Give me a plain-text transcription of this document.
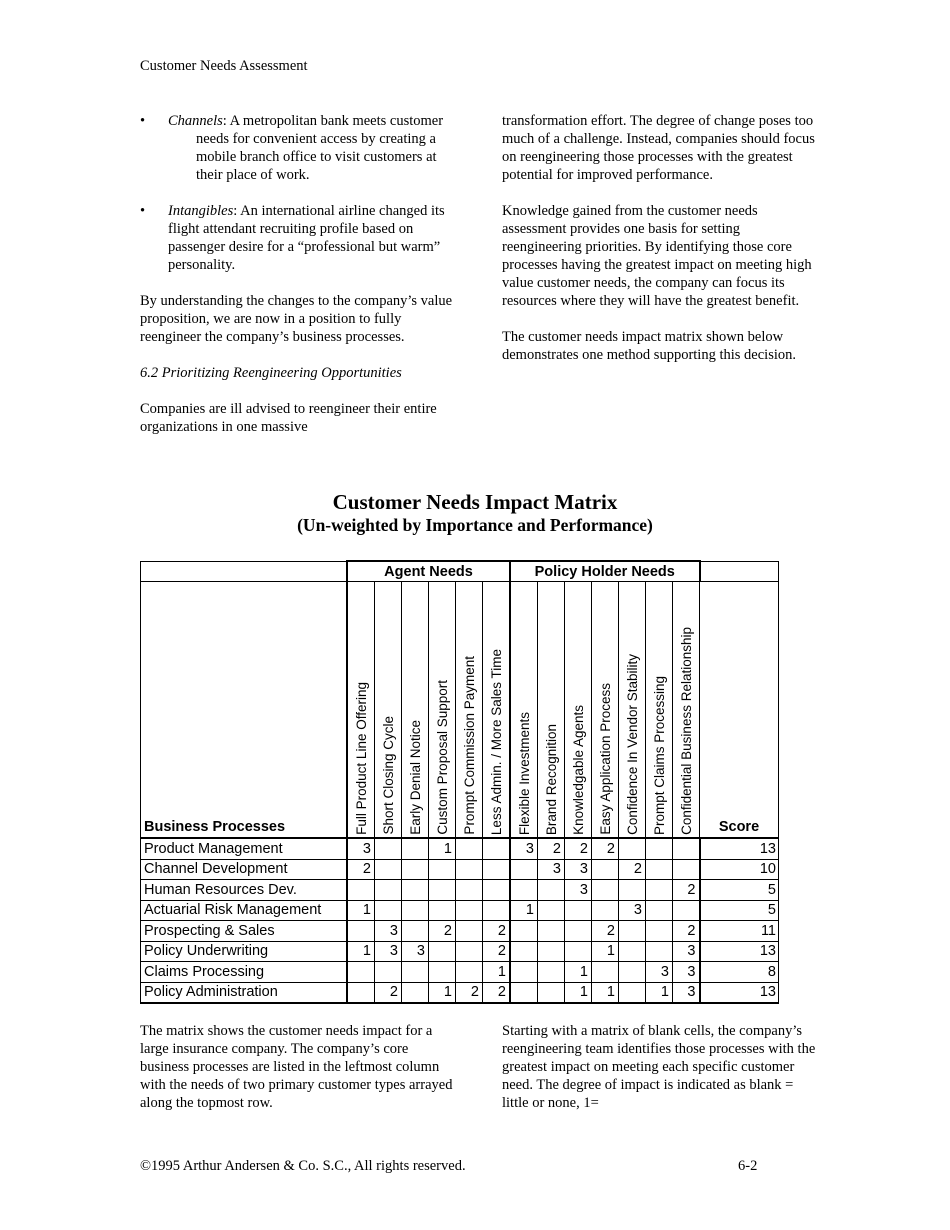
Customer Needs Assessment
• Channels: A metropolitan bank meets customer needs for convenient access by creating a mobile branch office to visit customers at their place of work.
• Intangibles: An international airline changed its flight attendant recruiting profile based on passenger desire for a “professional but warm” personality.

By understanding the changes to the company’s value proposition, we are now in a position to fully reengineer the company’s business processes.

6.2 Prioritizing Reengineering Opportunities

Companies are ill advised to reengineer their entire organizations in one massive

transformation effort. The degree of change poses too much of a challenge. Instead, companies should focus on reengineering those processes with the greatest potential for improved performance.

Knowledge gained from the customer needs assessment provides one basis for setting reengineering priorities. By identifying those core processes having the greatest impact on meeting high value customer needs, the company can focus its resources where they will have the greatest benefit.

The customer needs impact matrix shown below demonstrates one method supporting this decision.

Customer Needs Impact Matrix
(Un-weighted by Importance and Performance)
	Agent Needs						Policy Holder Needs							
Business Processes	Full Product Line Offering	Short Closing Cycle	Early Denial Notice	Custom Proposal Support	Prompt Commission Payment	Less Admin. / More Sales Time	Flexible Investments	Brand Recognition	Knowledgable Agents	Easy Application Process	Confidence In Vendor Stability	Prompt Claims Processing	Confidential Business Relationship	Score
Product Management	3			1			3	2	2	2				13
Channel Development	2							3	3		2			10
Human Resources Dev.									3				2	5
Actuarial Risk Management	1						1				3			5
Prospecting & Sales		3		2		2				2			2	11
Policy Underwriting	1	3	3			2				1			3	13
Claims Processing						1			1			3	3	8
Policy Administration		2		1	2	2			1	1		1	3	13

The matrix shows the customer needs impact for a large insurance company. The company’s core business processes are listed in the leftmost column with the needs of two primary customer types arrayed along the topmost row.

Starting with a matrix of blank cells, the company’s reengineering team identifies those processes with the greatest impact on meeting each specific customer need. The degree of impact is indicated as blank = little or none, 1=

©1995 Arthur Andersen & Co. S.C., All rights reserved.	6-2
